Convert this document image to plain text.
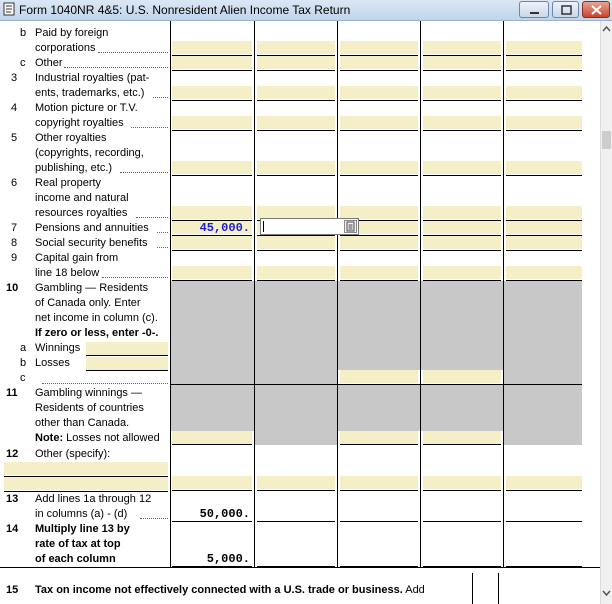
Form 1040NR 4&5: U.S. Nonresident Alien Income Tax Return
b Paid by foreign
corporations
c Other
3 Industrial royalties (pat-
ents, trademarks, etc.)
4 Motion picture or T.V.
copyright royalties
5 Other royalties
(copyrights, recording,
publishing, etc.)
6 Real property
income and natural
resources royalties
7 Pensions and annuities
8 Social security benefits
9 Capital gain from
line 18 below
10 Gambling — Residents
of Canada only. Enter
net income in column (c).
If zero or less, enter -0-.
a Winnings
b Losses
c
11 Gambling winnings —
Residents of countries
other than Canada.
Note: Losses not allowed
12 Other (specify):
13 Add lines 1a through 12
in columns (a) - (d)
14 Multiply line 13 by
rate of tax at top
of each column
15 Tax on income not effectively connected with a U.S. trade or business. Add
45,000.
50,000.
5,000.
